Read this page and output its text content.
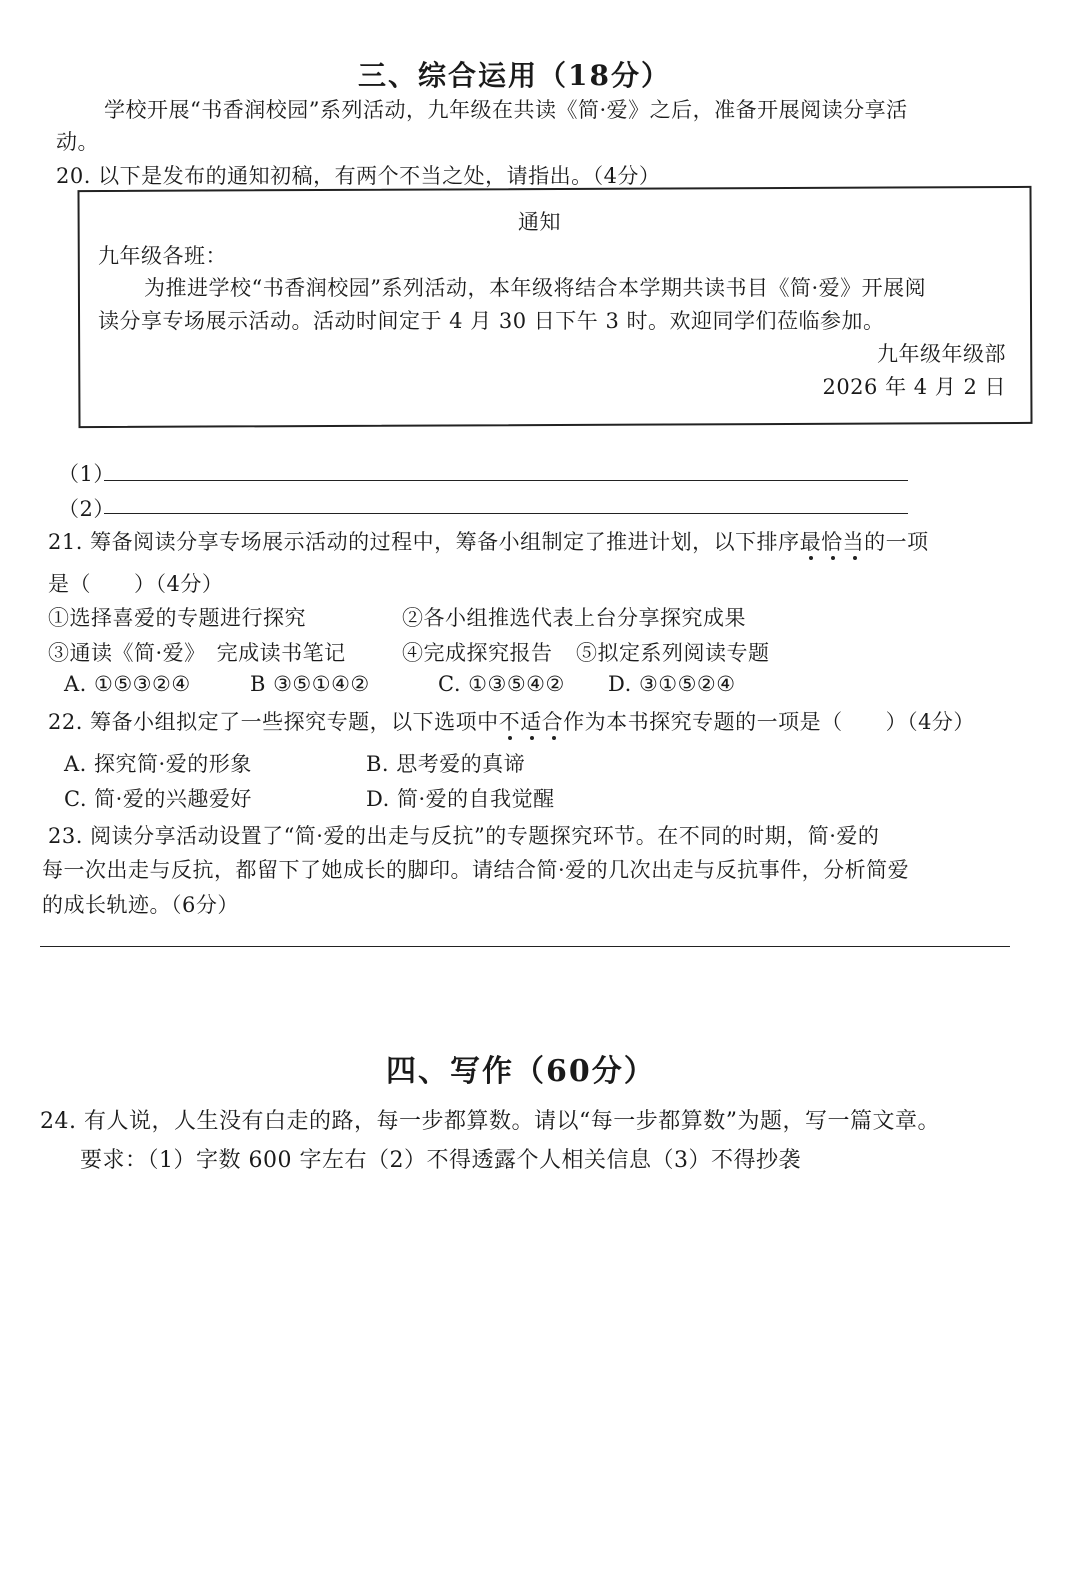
三、综合运用（18分）
学校开展“书香润校园”系列活动，九年级在共读《简·爱》之后，准备开展阅读分享活
动。
20. 以下是发布的通知初稿，有两个不当之处，请指出。（4分）
通知
九年级各班：
为推进学校“书香润校园”系列活动，本年级将结合本学期共读书目《简·爱》开展阅
读分享专场展示活动。活动时间定于 4 月 30 日下午 3 时。欢迎同学们莅临参加。
九年级年级部
2026 年 4 月 2 日
（1）
（2）
21. 筹备阅读分享专场展示活动的过程中，筹备小组制定了推进计划，以下排序最恰当
的一项
是（　　）（4分）
①选择喜爱的专题进行探究	②各小组推选代表上台分享探究成果
③通读《简·爱》　完成读书笔记	④完成探究报告 ⑤拟定系列阅读专题
A. ①⑤③②④	B ③⑤①④②	C. ①③⑤④② D. ③①⑤②④
22. 筹备小组拟定了一些探究专题，以下选项中不适合
作为本书探究专题的一项是（　　）（4分）
A. 探究简·爱的形象	B. 思考爱的真谛
C. 简·爱的兴趣爱好	D. 简·爱的自我觉醒
23. 阅读分享活动设置了“简·爱的出走与反抗”的专题探究环节。在不同的时期，简·爱的
每一次出走与反抗，都留下了她成长的脚印。请结合简·爱的几次出走与反抗事件，分析简爱
的成长轨迹。（6分）
四、写作（60分）
24. 有人说，人生没有白走的路，每一步都算数。请以“每一步都算数”为题，写一篇文章。
要求：（1）字数 600 字左右（2）不得透露个人相关信息（3）不得抄袭
